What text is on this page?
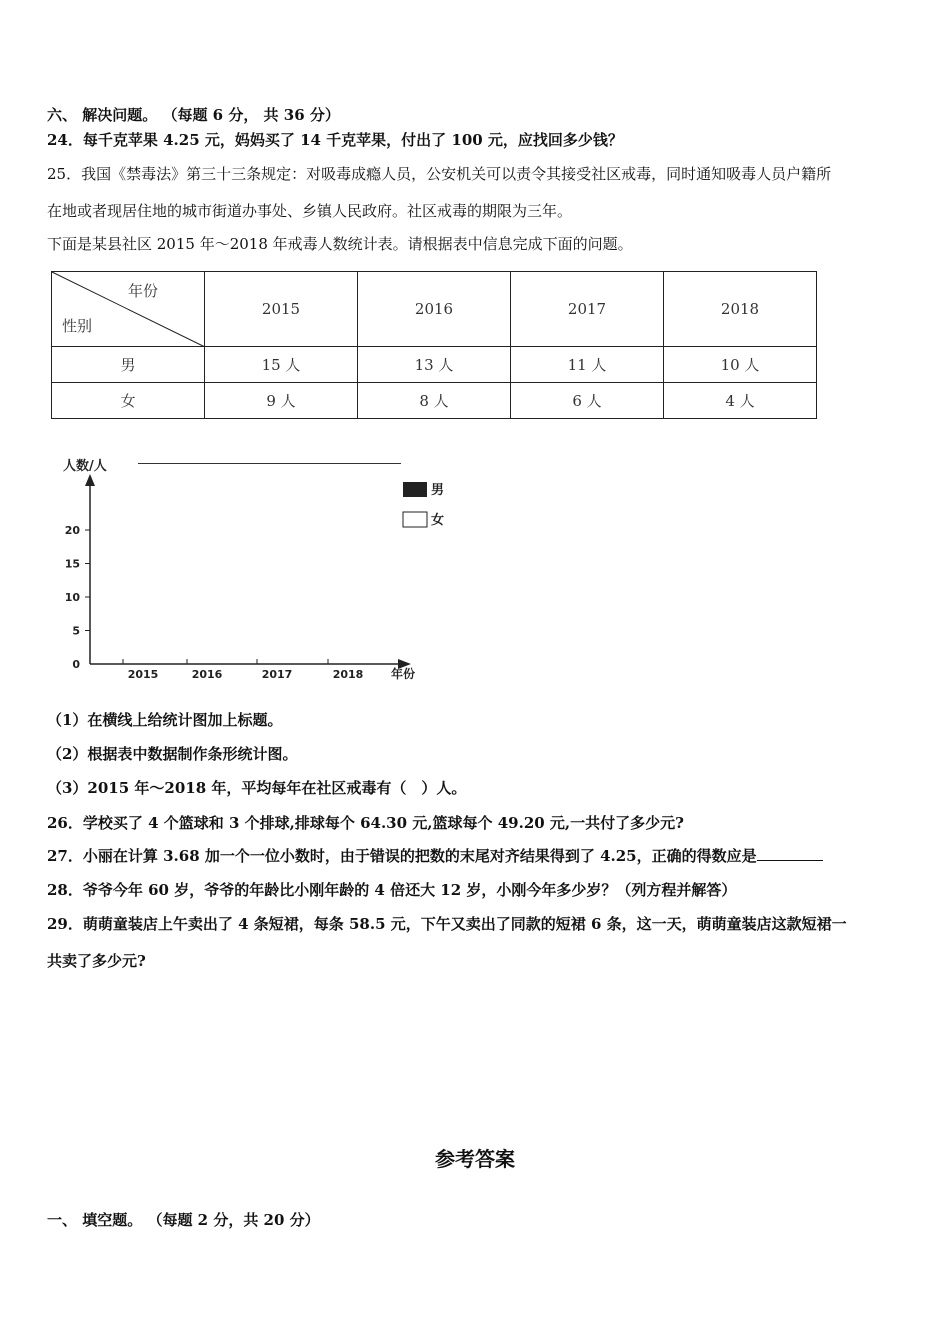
六、 解决问题。 （每题 6 分， 共 36 分）
24．每千克苹果 4.25 元，妈妈买了 14 千克苹果，付出了 100 元，应找回多少钱？
25．我国《禁毒法》第三十三条规定：对吸毒成瘾人员，公安机关可以责令其接受社区戒毒，同时通知吸毒人员户籍所
在地或者现居住地的城市街道办事处、乡镇人民政府。社区戒毒的期限为三年。
下面是某县社区 2015 年～2018 年戒毒人数统计表。请根据表中信息完成下面的问题。
年份
性别	2015	2016	2017	2018
男	15 人	13 人	11 人	10 人
女	9 人	8 人	6 人	4 人
人数/人
年份
0
5
10
15
20
2015	2016	2017	2018
男
女
（1）在横线上给统计图加上标题。
（2）根据表中数据制作条形统计图。
（3）2015 年～2018 年，平均每年在社区戒毒有（　）人。
26．学校买了 4 个篮球和 3 个排球,排球每个 64.30 元,篮球每个 49.20 元,一共付了多少元?
27．小丽在计算 3.68 加一个一位小数时，由于错误的把数的末尾对齐结果得到了 4.25，正确的得数应是
28．爷爷今年 60 岁，爷爷的年龄比小刚年龄的 4 倍还大 12 岁，小刚今年多少岁？（列方程并解答）
29．萌萌童装店上午卖出了 4 条短裙，每条 58.5 元，下午又卖出了同款的短裙 6 条，这一天，萌萌童装店这款短裙一
共卖了多少元?
参考答案
一、 填空题。 （每题 2 分，共 20 分）
